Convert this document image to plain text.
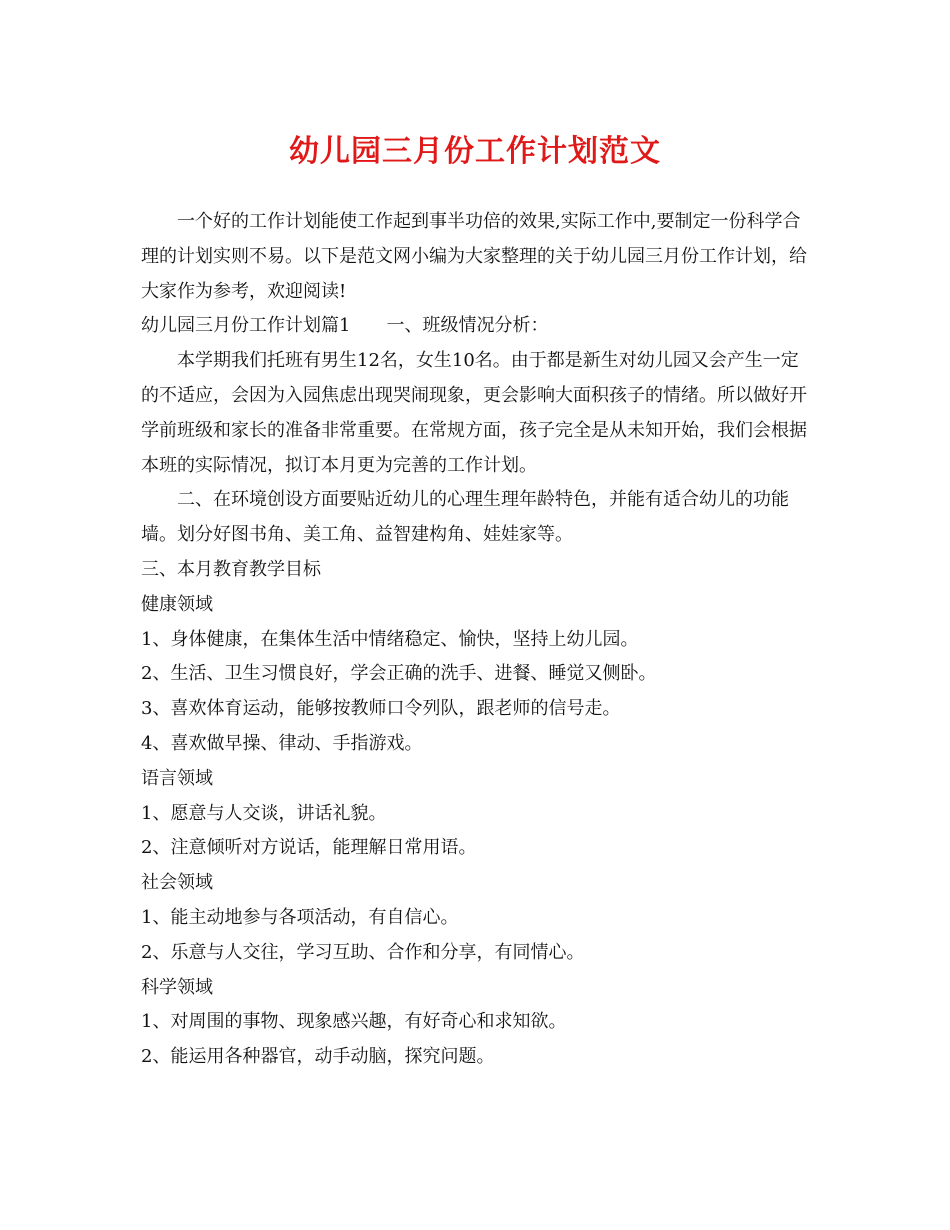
幼儿园三月份工作计划范文

一个好的工作计划能使工作起到事半功倍的效果,实际工作中,要制定一份科学合理的计划实则不易。以下是范文网小编为大家整理的关于幼儿园三月份工作计划，给大家作为参考，欢迎阅读!

幼儿园三月份工作计划篇1 一、班级情况分析：

本学期我们托班有男生12名，女生10名。由于都是新生对幼儿园又会产生一定的不适应，会因为入园焦虑出现哭闹现象，更会影响大面积孩子的情绪。所以做好开学前班级和家长的准备非常重要。在常规方面，孩子完全是从未知开始，我们会根据本班的实际情况，拟订本月更为完善的工作计划。

二、在环境创设方面要贴近幼儿的心理生理年龄特色，并能有适合幼儿的功能墙。划分好图书角、美工角、益智建构角、娃娃家等。

三、本月教育教学目标

健康领域

1、身体健康，在集体生活中情绪稳定、愉快，坚持上幼儿园。

2、生活、卫生习惯良好，学会正确的洗手、进餐、睡觉又侧卧。

3、喜欢体育运动，能够按教师口令列队，跟老师的信号走。

4、喜欢做早操、律动、手指游戏。

语言领域

1、愿意与人交谈，讲话礼貌。

2、注意倾听对方说话，能理解日常用语。

社会领域

1、能主动地参与各项活动，有自信心。

2、乐意与人交往，学习互助、合作和分享，有同情心。

科学领域

1、对周围的事物、现象感兴趣，有好奇心和求知欲。

2、能运用各种器官，动手动脑，探究问题。
